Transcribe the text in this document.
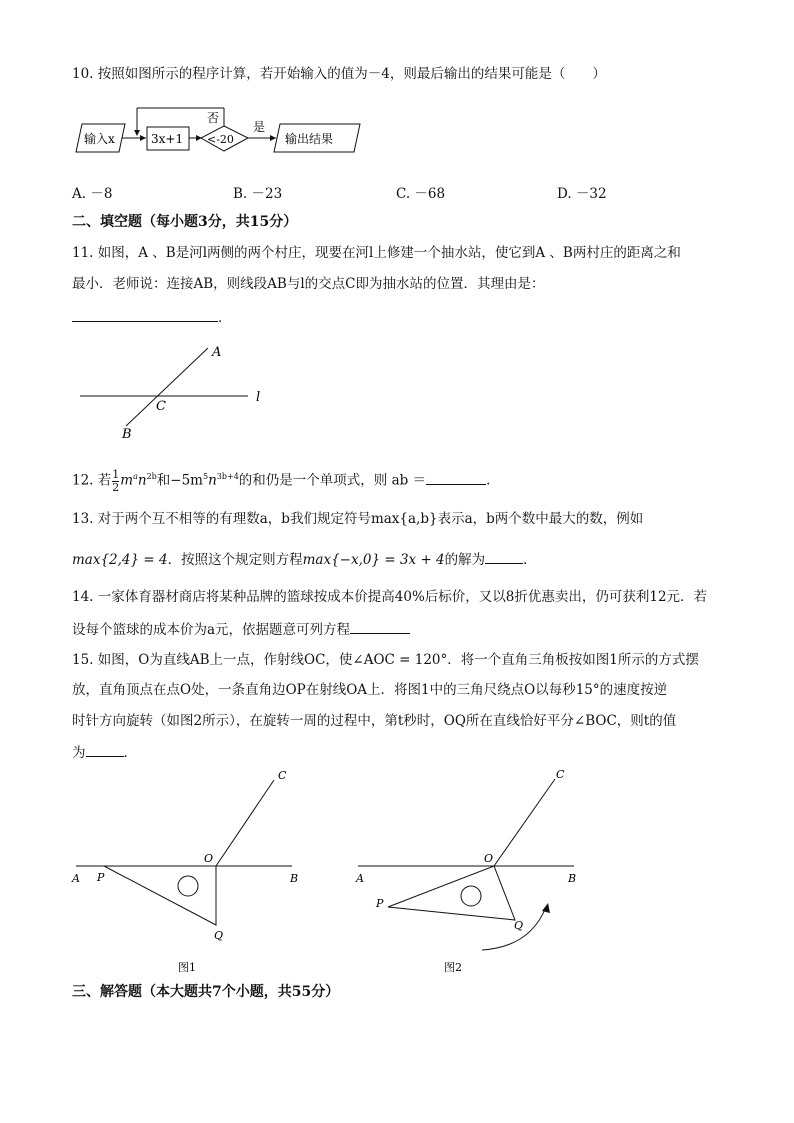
10. 按照如图所示的程序计算，若开始输入的值为－4，则最后输出的结果可能是（　　）
输入x	3x+1 <-20
否
是
输出结果
A. －8	B. －23	C. －68	D. －32
二、填空题（每小题3分，共15分）
11. 如图，A 、B是河l两侧的两个村庄，现要在河l上修建一个抽水站，使它到A 、B两村庄的距离之和
最小．老师说：连接AB，则线段AB与l的交点C即为抽水站的位置．其理由是：
．
A
C
B
l
12. 若 $\frac{1}{2} m^an^{2b}$和$-5m^5n^{3b+4}$的和仍是一个单项式，则 ab ＝	．
13. 对于两个互不相等的有理数a，b我们规定符号max{a,b}表示a，b两个数中最大的数，例如
max{2,4} = 4．按照这个规定则方程max{−x,0} = 3x + 4的解为	．
14. 一家体育器材商店将某种品牌的篮球按成本价提高40%后标价，又以8折优惠卖出，仍可获利12元．若
设每个篮球的成本价为a元，依据题意可列方程
15. 如图，O为直线AB上一点，作射线OC，使∠AOC = 120°．将一个直角三角板按如图1所示的方式摆
放，直角顶点在点O处，一条直角边OP在射线OA上．将图1中的三角尺绕点O以每秒15°的速度按逆
时针方向旋转（如图2所示），在旋转一周的过程中，第t秒时，OQ所在直线恰好平分∠BOC，则t的值
为	．
A P
O
B
C
Q
图1
A
P
O
B
C
Q
图2
三、解答题（本大题共7个小题，共55分）
